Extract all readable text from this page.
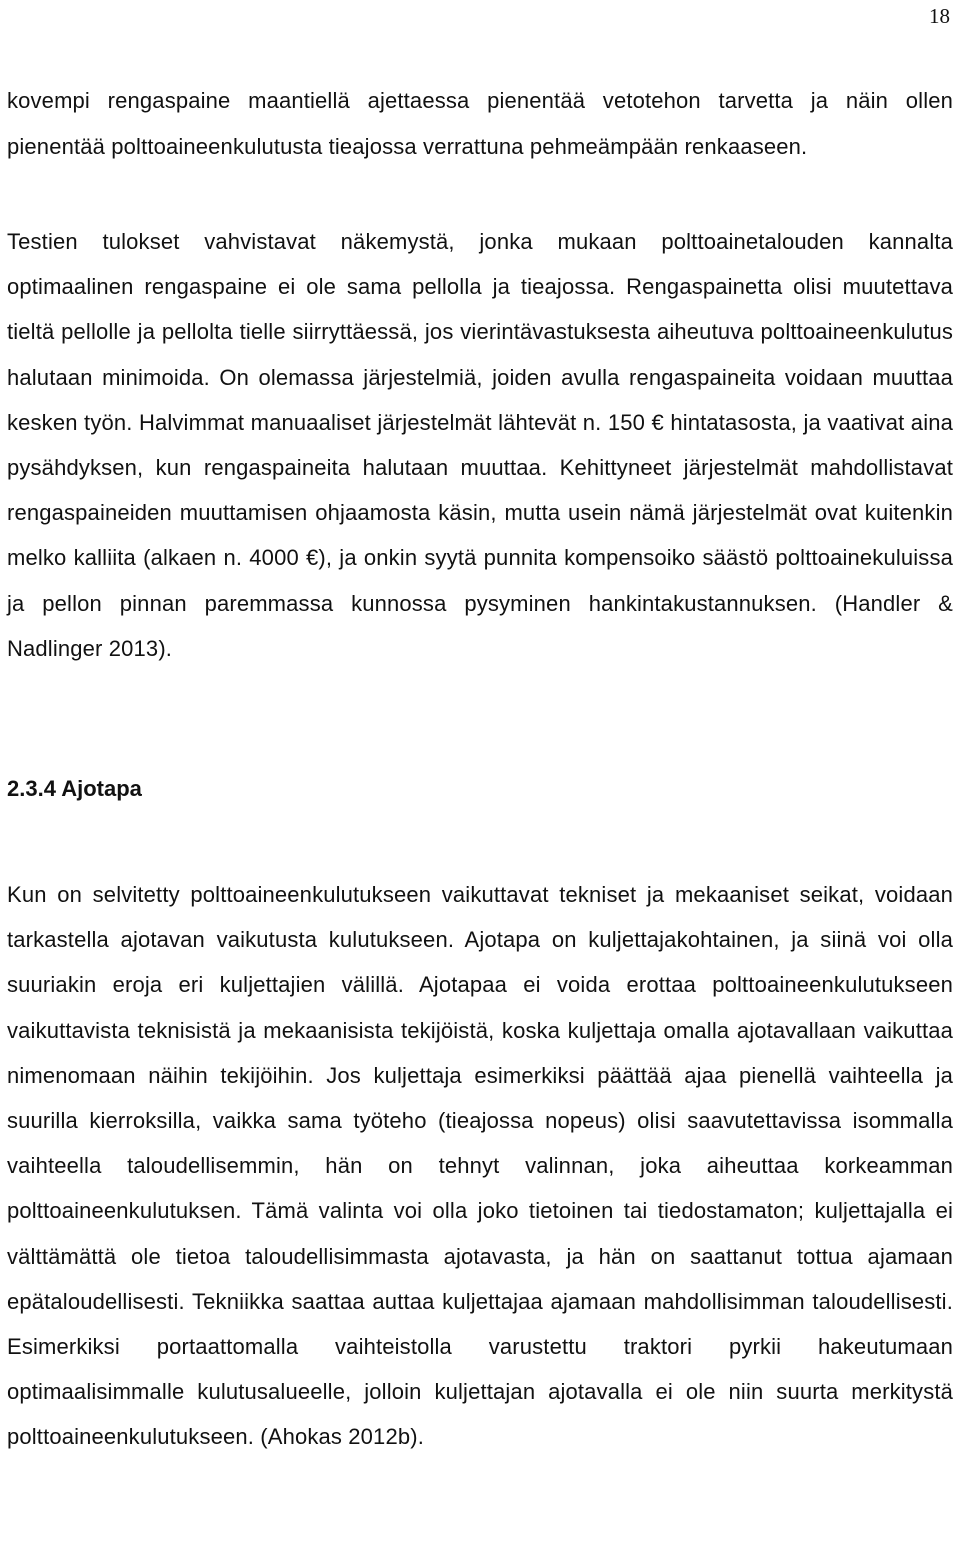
18

kovempi rengaspaine maantiellä ajettaessa pienentää vetotehon tarvetta ja näin ollen pienentää polttoaineenkulutusta tieajossa verrattuna pehmeämpään renkaaseen.

Testien tulokset vahvistavat näkemystä, jonka mukaan polttoainetalouden kannalta optimaalinen rengaspaine ei ole sama pellolla ja tieajossa. Rengaspainetta olisi muutettava tieltä pellolle ja pellolta tielle siirryttäessä, jos vierintävastuksesta aiheutuva polttoaineenkulutus halutaan minimoida. On olemassa järjestelmiä, joiden avulla rengaspaineita voidaan muuttaa kesken työn. Halvimmat manuaaliset järjestelmät lähtevät n. 150 € hintatasosta, ja vaativat aina pysähdyksen, kun rengaspaineita halutaan muuttaa. Kehittyneet järjestelmät mahdollistavat rengaspaineiden muuttamisen ohjaamosta käsin, mutta usein nämä järjestelmät ovat kuitenkin melko kalliita (alkaen n. 4000 €), ja onkin syytä punnita kompensoiko säästö polttoainekuluissa ja pellon pinnan paremmassa kunnossa pysyminen hankintakustannuksen. (Handler & Nadlinger 2013).

2.3.4 Ajotapa

Kun on selvitetty polttoaineenkulutukseen vaikuttavat tekniset ja mekaaniset seikat, voidaan tarkastella ajotavan vaikutusta kulutukseen. Ajotapa on kuljettajakohtainen, ja siinä voi olla suuriakin eroja eri kuljettajien välillä. Ajotapaa ei voida erottaa polttoaineenkulutukseen vaikuttavista teknisistä ja mekaanisista tekijöistä, koska kuljettaja omalla ajotavallaan vaikuttaa nimenomaan näihin tekijöihin. Jos kuljettaja esimerkiksi päättää ajaa pienellä vaihteella ja suurilla kierroksilla, vaikka sama työteho (tieajossa nopeus) olisi saavutettavissa isommalla vaihteella taloudellisemmin, hän on tehnyt valinnan, joka aiheuttaa korkeamman polttoaineenkulutuksen. Tämä valinta voi olla joko tietoinen tai tiedostamaton; kuljettajalla ei välttämättä ole tietoa taloudellisimmasta ajotavasta, ja hän on saattanut tottua ajamaan epätaloudellisesti. Tekniikka saattaa auttaa kuljettajaa ajamaan mahdollisimman taloudellisesti. Esimerkiksi portaattomalla vaihteistolla varustettu traktori pyrkii hakeutumaan optimaalisimmalle kulutusalueelle, jolloin kuljettajan ajotavalla ei ole niin suurta merkitystä polttoaineenkulutukseen. (Ahokas 2012b).
